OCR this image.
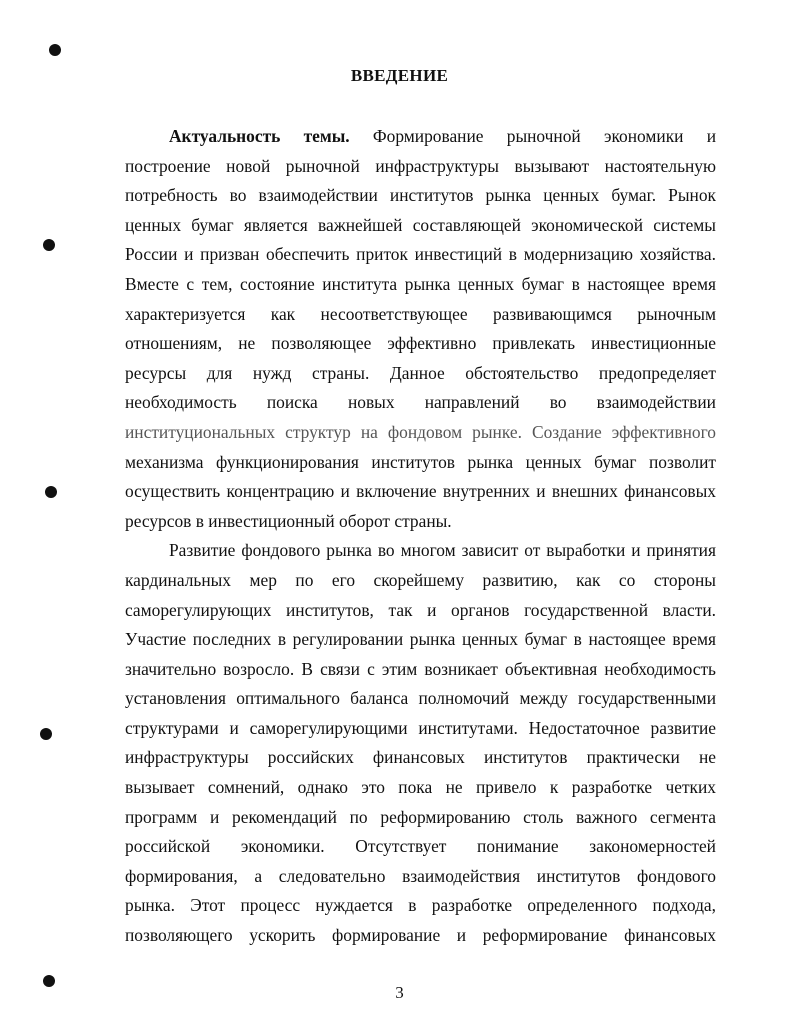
ВВЕДЕНИЕ
Актуальность темы. Формирование рыночной экономики и
построение новой рыночной инфраструктуры вызывают настоятельную
потребность во взаимодействии институтов рынка ценных бумаг. Рынок
ценных бумаг является важнейшей составляющей экономической системы
России и призван обеспечить приток инвестиций в модернизацию хозяйства.
Вместе с тем, состояние института рынка ценных бумаг в настоящее время
характеризуется как несоответствующее развивающимся рыночным
отношениям, не позволяющее эффективно привлекать инвестиционные
ресурсы для нужд страны. Данное обстоятельство предопределяет
необходимость поиска новых направлений во взаимодействии
институциональных структур на фондовом рынке. Создание эффективного
механизма функционирования институтов рынка ценных бумаг позволит
осуществить концентрацию и включение внутренних и внешних финансовых
ресурсов в инвестиционный оборот страны.
Развитие фондового рынка во многом зависит от выработки и принятия
кардинальных мер по его скорейшему развитию, как со стороны
саморегулирующих институтов, так и органов государственной власти.
Участие последних в регулировании рынка ценных бумаг в настоящее время
значительно возросло. В связи с этим возникает объективная необходимость
установления оптимального баланса полномочий между государственными
структурами и саморегулирующими институтами. Недостаточное развитие
инфраструктуры российских финансовых институтов практически не
вызывает сомнений, однако это пока не привело к разработке четких
программ и рекомендаций по реформированию столь важного сегмента
российской экономики. Отсутствует понимание закономерностей
формирования, а следовательно взаимодействия институтов фондового
рынка. Этот процесс нуждается в разработке определенного подхода,
позволяющего ускорить формирование и реформирование финансовых
3
